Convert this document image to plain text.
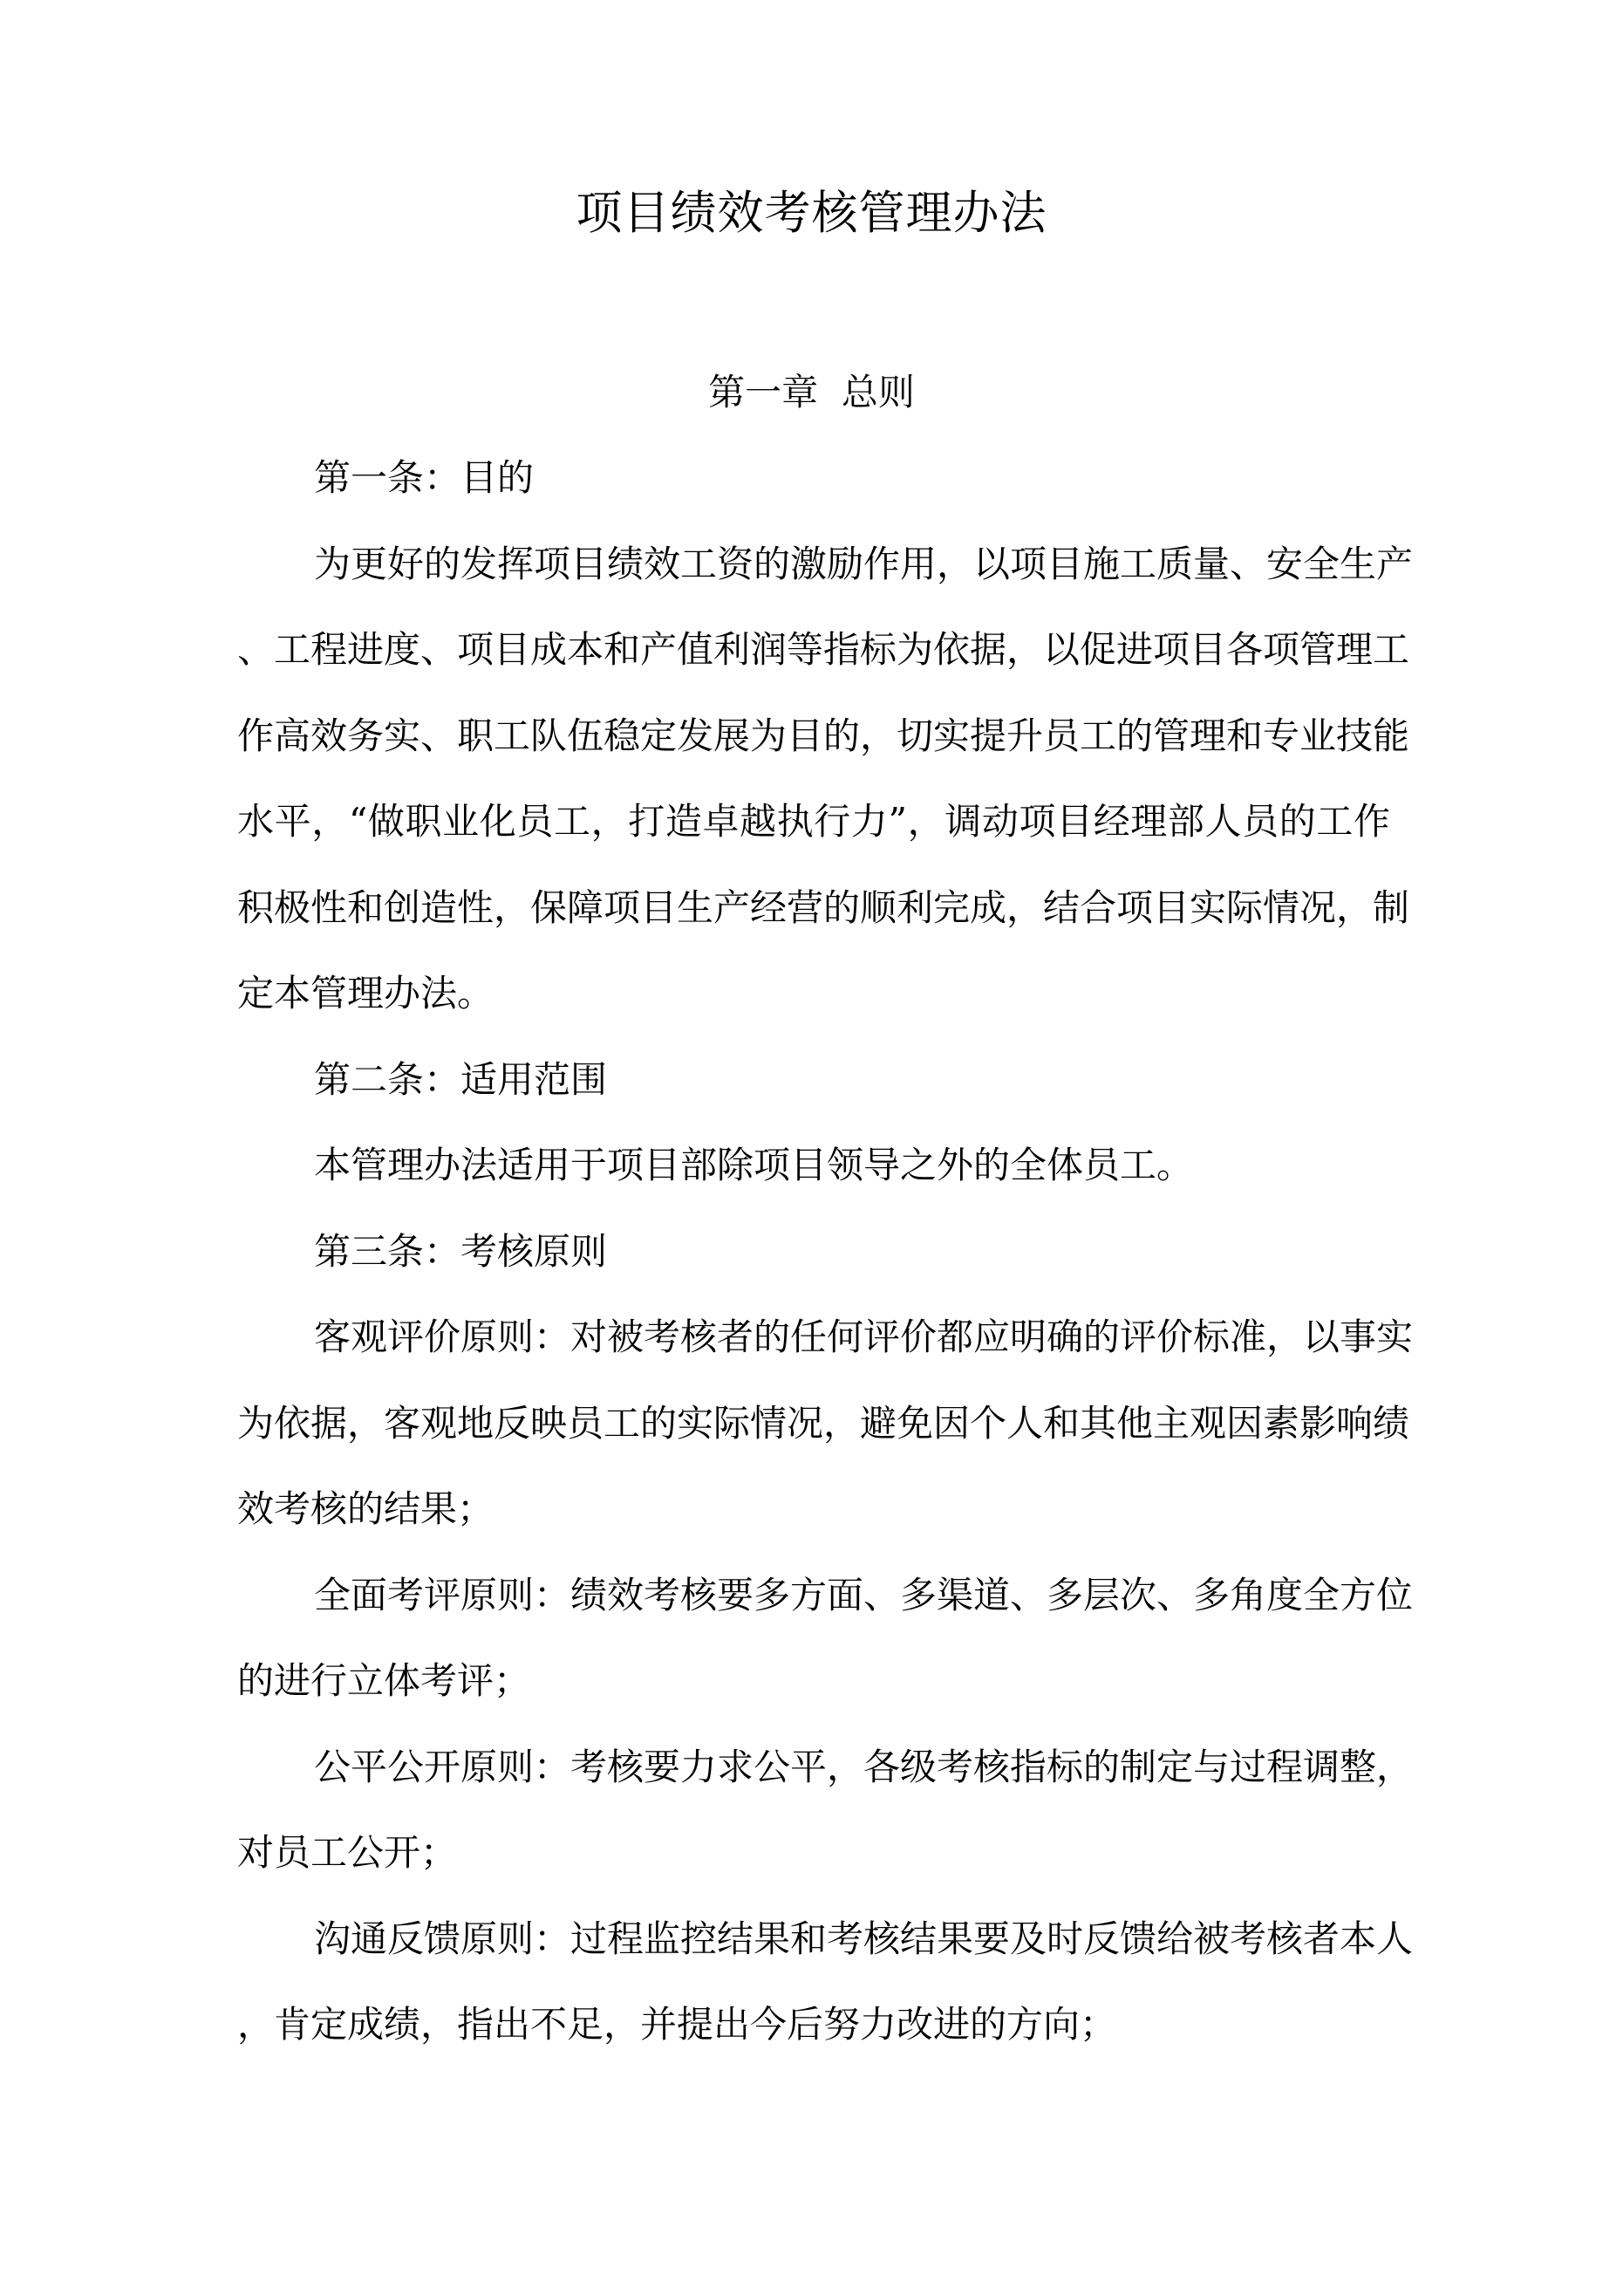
项目绩效考核管理办法
第一章  总则
第一条：目的
为更好的发挥项目绩效工资的激励作用，以项目施工质量、安全生产
、工程进度、项目成本和产值利润等指标为依据，以促进项目各项管理工
作高效务实、职工队伍稳定发展为目的，切实提升员工的管理和专业技能
水平，“做职业化员工，打造卓越执行力”，调动项目经理部人员的工作
积极性和创造性，保障项目生产经营的顺利完成，结合项目实际情况，制
定本管理办法。
第二条：适用范围
本管理办法适用于项目部除项目领导之外的全体员工。
第三条：考核原则
客观评价原则：对被考核者的任何评价都应明确的评价标准，以事实
为依据，客观地反映员工的实际情况，避免因个人和其他主观因素影响绩
效考核的结果；
全面考评原则：绩效考核要多方面、多渠道、多层次、多角度全方位
的进行立体考评；
公平公开原则：考核要力求公平，各级考核指标的制定与过程调整，
对员工公开；
沟通反馈原则：过程监控结果和考核结果要及时反馈给被考核者本人
，肯定成绩，指出不足，并提出今后努力改进的方向；
